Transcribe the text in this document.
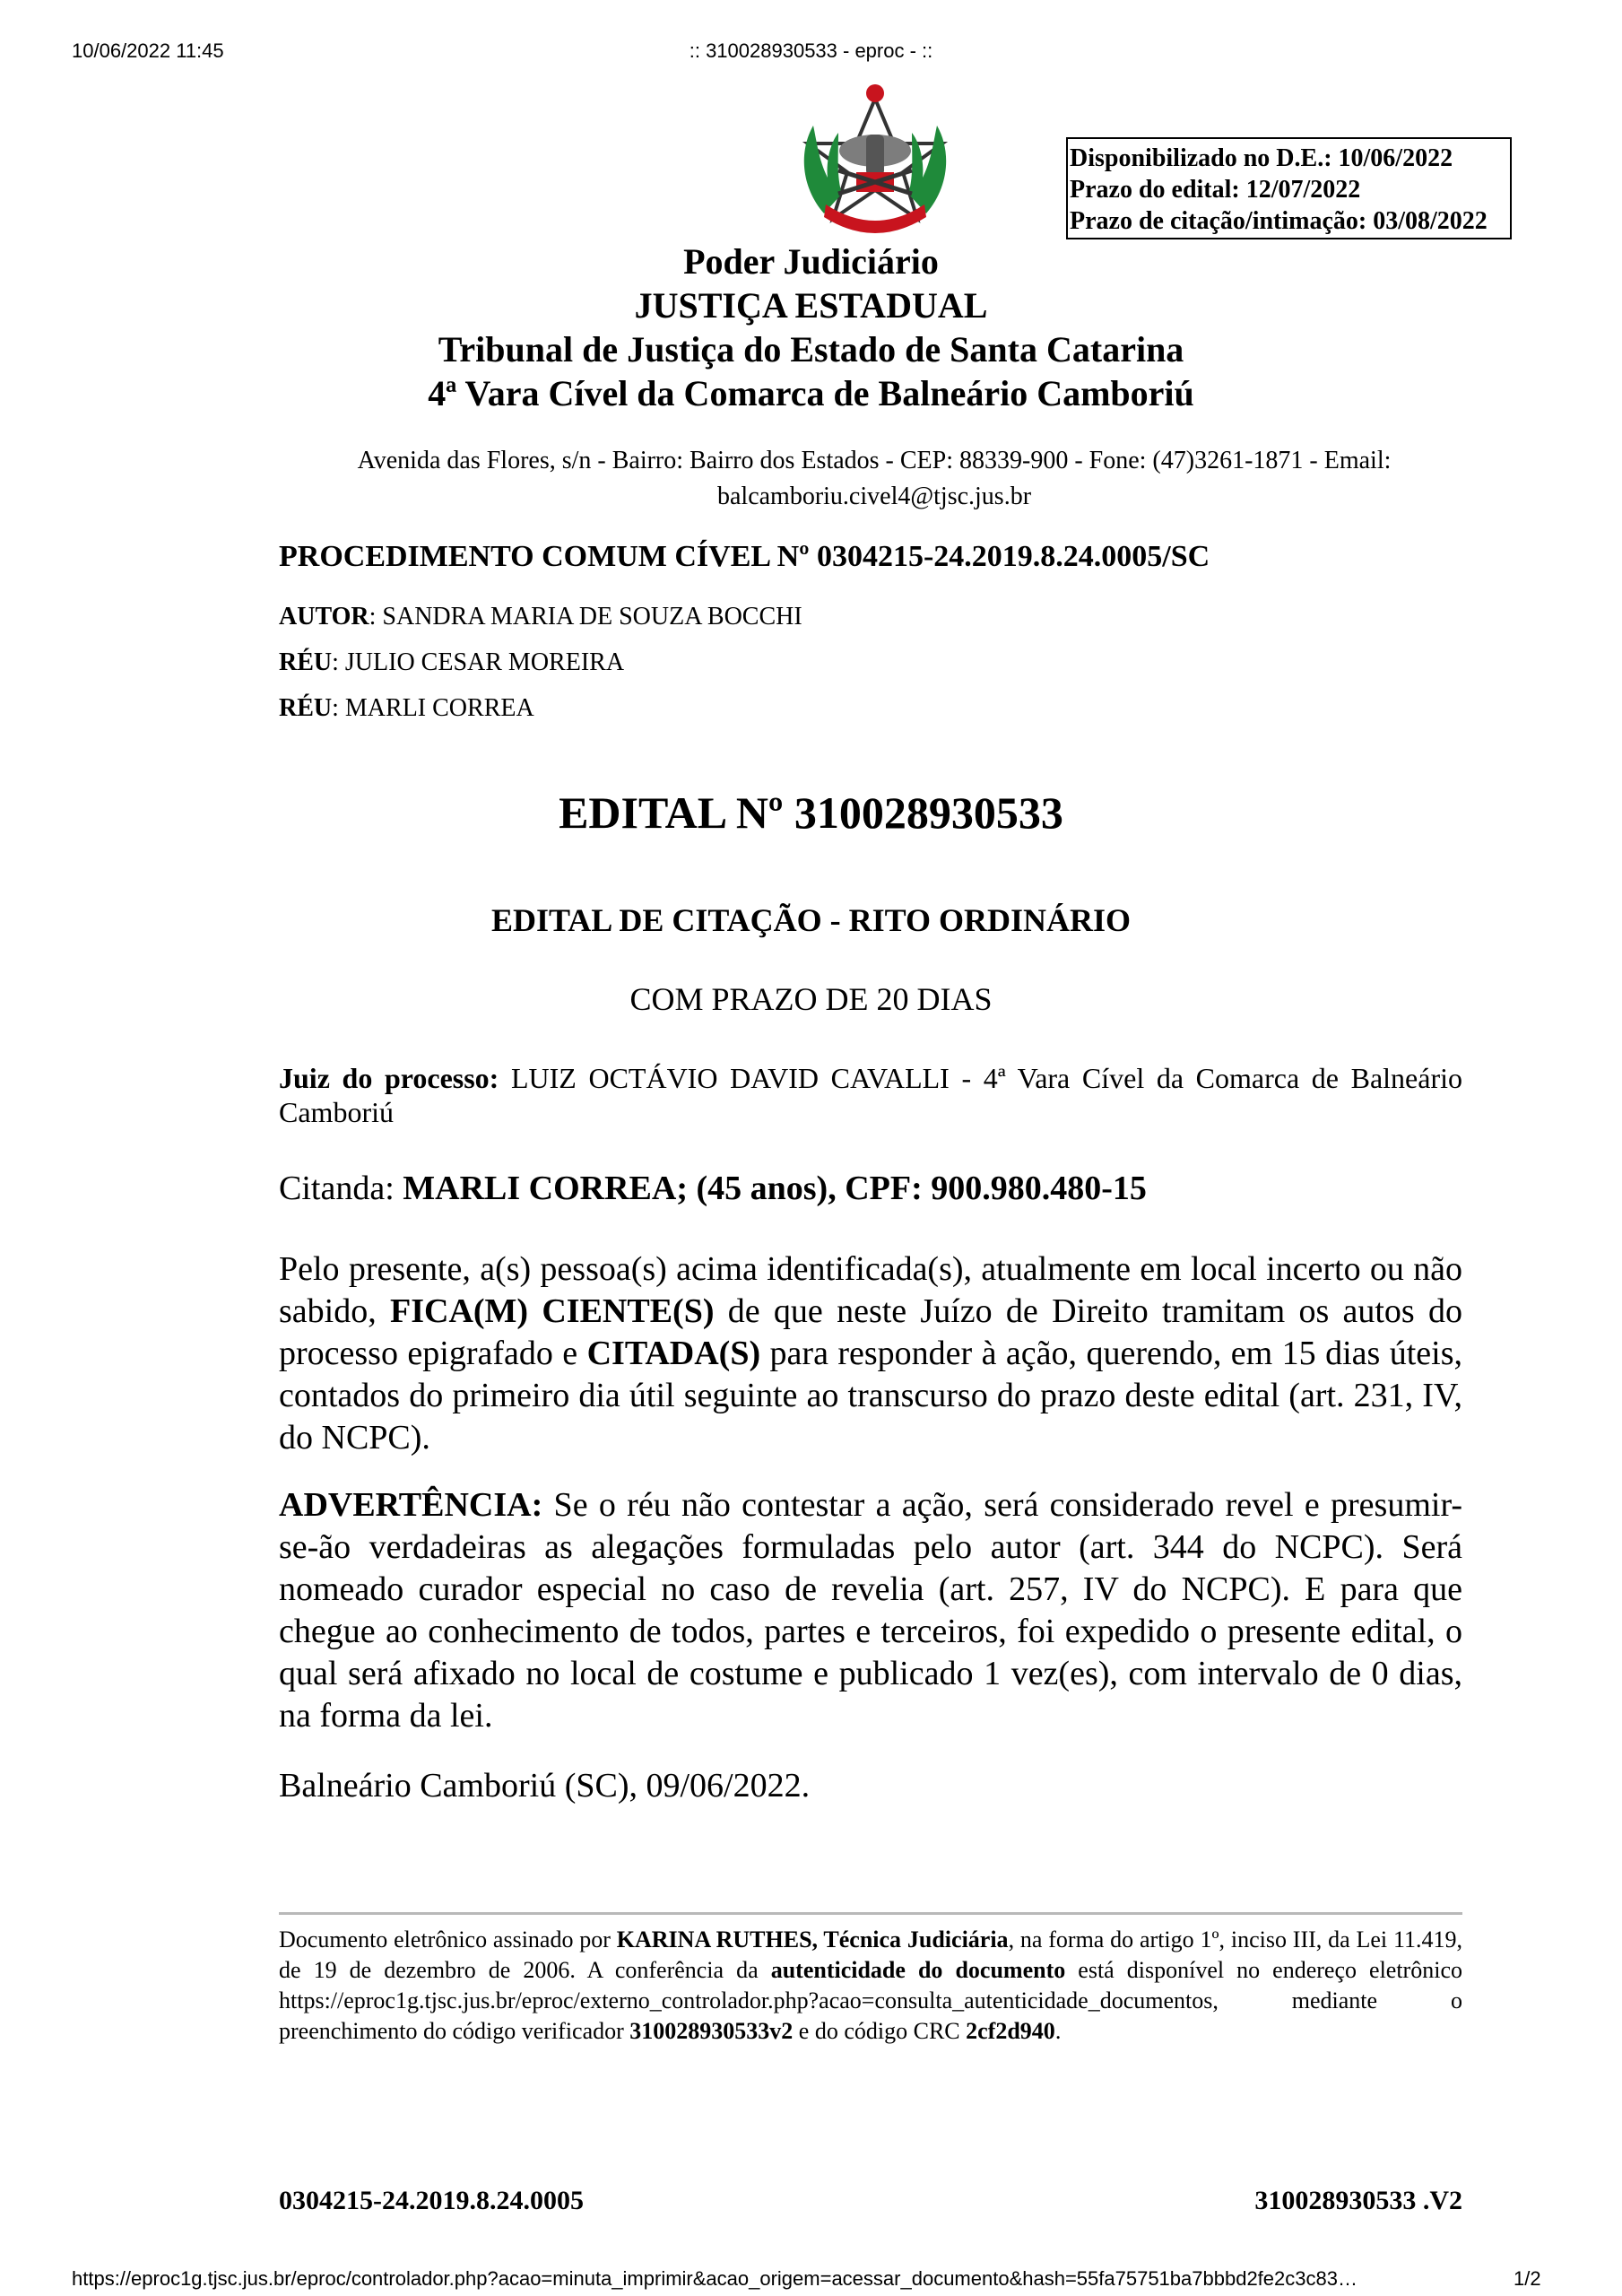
10/06/2022 11:45	:: 310028930533 - eproc - ::
Disponibilizado no D.E.: 10/06/2022
Prazo do edital: 12/07/2022
Prazo de citação/intimação: 03/08/2022
Poder Judiciário
JUSTIÇA ESTADUAL
Tribunal de Justiça do Estado de Santa Catarina
4ª Vara Cível da Comarca de Balneário Camboriú
Avenida das Flores, s/n - Bairro: Bairro dos Estados - CEP: 88339-900 - Fone: (47)3261-1871 - Email:
balcamboriu.civel4@tjsc.jus.br
PROCEDIMENTO COMUM CÍVEL Nº 0304215-24.2019.8.24.0005/SC
AUTOR: SANDRA MARIA DE SOUZA BOCCHI
RÉU: JULIO CESAR MOREIRA
RÉU: MARLI CORREA
EDITAL Nº 310028930533
EDITAL DE CITAÇÃO - RITO ORDINÁRIO
COM PRAZO DE 20 DIAS
Juiz do processo: LUIZ OCTÁVIO DAVID CAVALLI - 4ª Vara Cível da Comarca de Balneário Camboriú
Citanda: MARLI CORREA; (45 anos), CPF: 900.980.480-15
Pelo presente, a(s) pessoa(s) acima identificada(s), atualmente em local incerto ou não sabido, FICA(M) CIENTE(S) de que neste Juízo de Direito tramitam os autos do processo epigrafado e CITADA(S) para responder à ação, querendo, em 15 dias úteis, contados do primeiro dia útil seguinte ao transcurso do prazo deste edital (art. 231, IV, do NCPC).
ADVERTÊNCIA: Se o réu não contestar a ação, será considerado revel e presumir-se-ão verdadeiras as alegações formuladas pelo autor (art. 344 do NCPC). Será nomeado curador especial no caso de revelia (art. 257, IV do NCPC). E para que chegue ao conhecimento de todos, partes e terceiros, foi expedido o presente edital, o qual será afixado no local de costume e publicado 1 vez(es), com intervalo de 0 dias, na forma da lei.
Balneário Camboriú (SC), 09/06/2022.
Documento eletrônico assinado por KARINA RUTHES, Técnica Judiciária, na forma do artigo 1º, inciso III, da Lei 11.419, de 19 de dezembro de 2006. A conferência da autenticidade do documento está disponível no endereço eletrônico https://eproc1g.tjsc.jus.br/eproc/externo_controlador.php?acao=consulta_autenticidade_documentos, mediante o preenchimento do código verificador 310028930533v2 e do código CRC 2cf2d940.
0304215-24.2019.8.24.0005	310028930533 .V2
https://eproc1g.tjsc.jus.br/eproc/controlador.php?acao=minuta_imprimir&acao_origem=acessar_documento&hash=55fa75751ba7bbbd2fe2c3c83…	1/2
